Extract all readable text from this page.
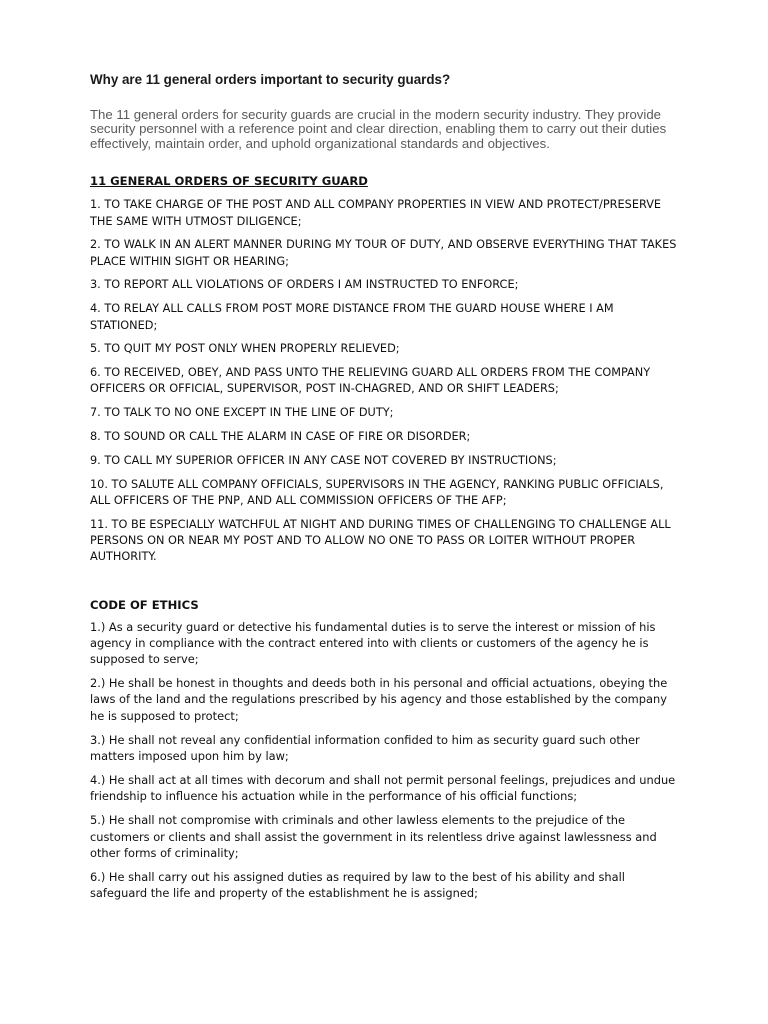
Why are 11 general orders important to security guards?

The 11 general orders for security guards are crucial in the modern security industry. They provide security personnel with a reference point and clear direction, enabling them to carry out their duties effectively, maintain order, and uphold organizational standards and objectives.

11 GENERAL ORDERS OF SECURITY GUARD

1. TO TAKE CHARGE OF THE POST AND ALL COMPANY PROPERTIES IN VIEW AND PROTECT/PRESERVE THE SAME WITH UTMOST DILIGENCE;

2. TO WALK IN AN ALERT MANNER DURING MY TOUR OF DUTY, AND OBSERVE EVERYTHING THAT TAKES PLACE WITHIN SIGHT OR HEARING;

3. TO REPORT ALL VIOLATIONS OF ORDERS I AM INSTRUCTED TO ENFORCE;

4. TO RELAY ALL CALLS FROM POST MORE DISTANCE FROM THE GUARD HOUSE WHERE I AM STATIONED;

5. TO QUIT MY POST ONLY WHEN PROPERLY RELIEVED;

6. TO RECEIVED, OBEY, AND PASS UNTO THE RELIEVING GUARD ALL ORDERS FROM THE COMPANY OFFICERS OR OFFICIAL, SUPERVISOR, POST IN-CHAGRED, AND OR SHIFT LEADERS;

7. TO TALK TO NO ONE EXCEPT IN THE LINE OF DUTY;

8. TO SOUND OR CALL THE ALARM IN CASE OF FIRE OR DISORDER;

9. TO CALL MY SUPERIOR OFFICER IN ANY CASE NOT COVERED BY INSTRUCTIONS;

10. TO SALUTE ALL COMPANY OFFICIALS, SUPERVISORS IN THE AGENCY, RANKING PUBLIC OFFICIALS, ALL OFFICERS OF THE PNP, AND ALL COMMISSION OFFICERS OF THE AFP;

11. TO BE ESPECIALLY WATCHFUL AT NIGHT AND DURING TIMES OF CHALLENGING TO CHALLENGE ALL PERSONS ON OR NEAR MY POST AND TO ALLOW NO ONE TO PASS OR LOITER WITHOUT PROPER AUTHORITY.

CODE OF ETHICS

1.) As a security guard or detective his fundamental duties is to serve the interest or mission of his agency in compliance with the contract entered into with clients or customers of the agency he is supposed to serve;

2.) He shall be honest in thoughts and deeds both in his personal and official actuations, obeying the laws of the land and the regulations prescribed by his agency and those established by the company he is supposed to protect;

3.) He shall not reveal any confidential information confided to him as security guard such other matters imposed upon him by law;

4.) He shall act at all times with decorum and shall not permit personal feelings, prejudices and undue friendship to influence his actuation while in the performance of his official functions;

5.) He shall not compromise with criminals and other lawless elements to the prejudice of the customers or clients and shall assist the government in its relentless drive against lawlessness and other forms of criminality;

6.) He shall carry out his assigned duties as required by law to the best of his ability and shall safeguard the life and property of the establishment he is assigned;
